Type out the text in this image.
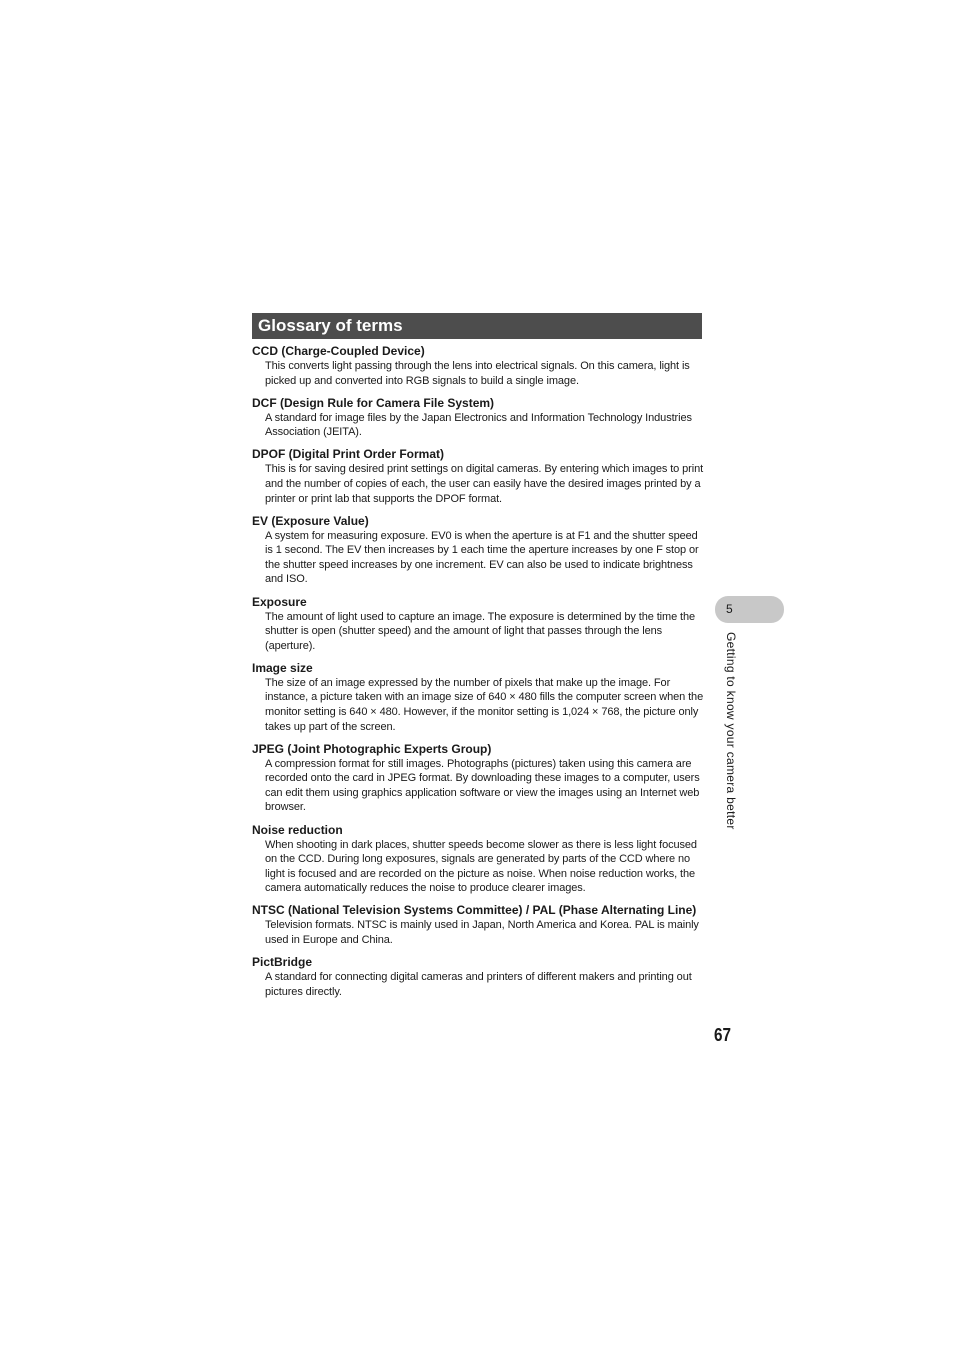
Glossary of terms

CCD (Charge-Coupled Device)

This converts light passing through the lens into electrical signals. On this camera, light is picked up and converted into RGB signals to build a single image.

DCF (Design Rule for Camera File System)

A standard for image files by the Japan Electronics and Information Technology Industries Association (JEITA).

DPOF (Digital Print Order Format)

This is for saving desired print settings on digital cameras. By entering which images to print and the number of copies of each, the user can easily have the desired images printed by a printer or print lab that supports the DPOF format.

EV (Exposure Value)

A system for measuring exposure. EV0 is when the aperture is at F1 and the shutter speed is 1 second. The EV then increases by 1 each time the aperture increases by one F stop or the shutter speed increases by one increment. EV can also be used to indicate brightness and ISO.

Exposure

The amount of light used to capture an image. The exposure is determined by the time the shutter is open (shutter speed) and the amount of light that passes through the lens (aperture).

Image size

The size of an image expressed by the number of pixels that make up the image. For instance, a picture taken with an image size of 640 × 480 fills the computer screen when the monitor setting is 640 × 480. However, if the monitor setting is 1,024 × 768, the picture only takes up part of the screen.

JPEG (Joint Photographic Experts Group)

A compression format for still images. Photographs (pictures) taken using this camera are recorded onto the card in JPEG format. By downloading these images to a computer, users can edit them using graphics application software or view the images using an Internet web browser.

Noise reduction

When shooting in dark places, shutter speeds become slower as there is less light focused on the CCD. During long exposures, signals are generated by parts of the CCD where no light is focused and are recorded on the picture as noise. When noise reduction works, the camera automatically reduces the noise to produce clearer images.

NTSC (National Television Systems Committee) / PAL (Phase Alternating Line)

Television formats. NTSC is mainly used in Japan, North America and Korea. PAL is mainly used in Europe and China.

PictBridge

A standard for connecting digital cameras and printers of different makers and printing out pictures directly.

5
Getting to know your camera better
67
